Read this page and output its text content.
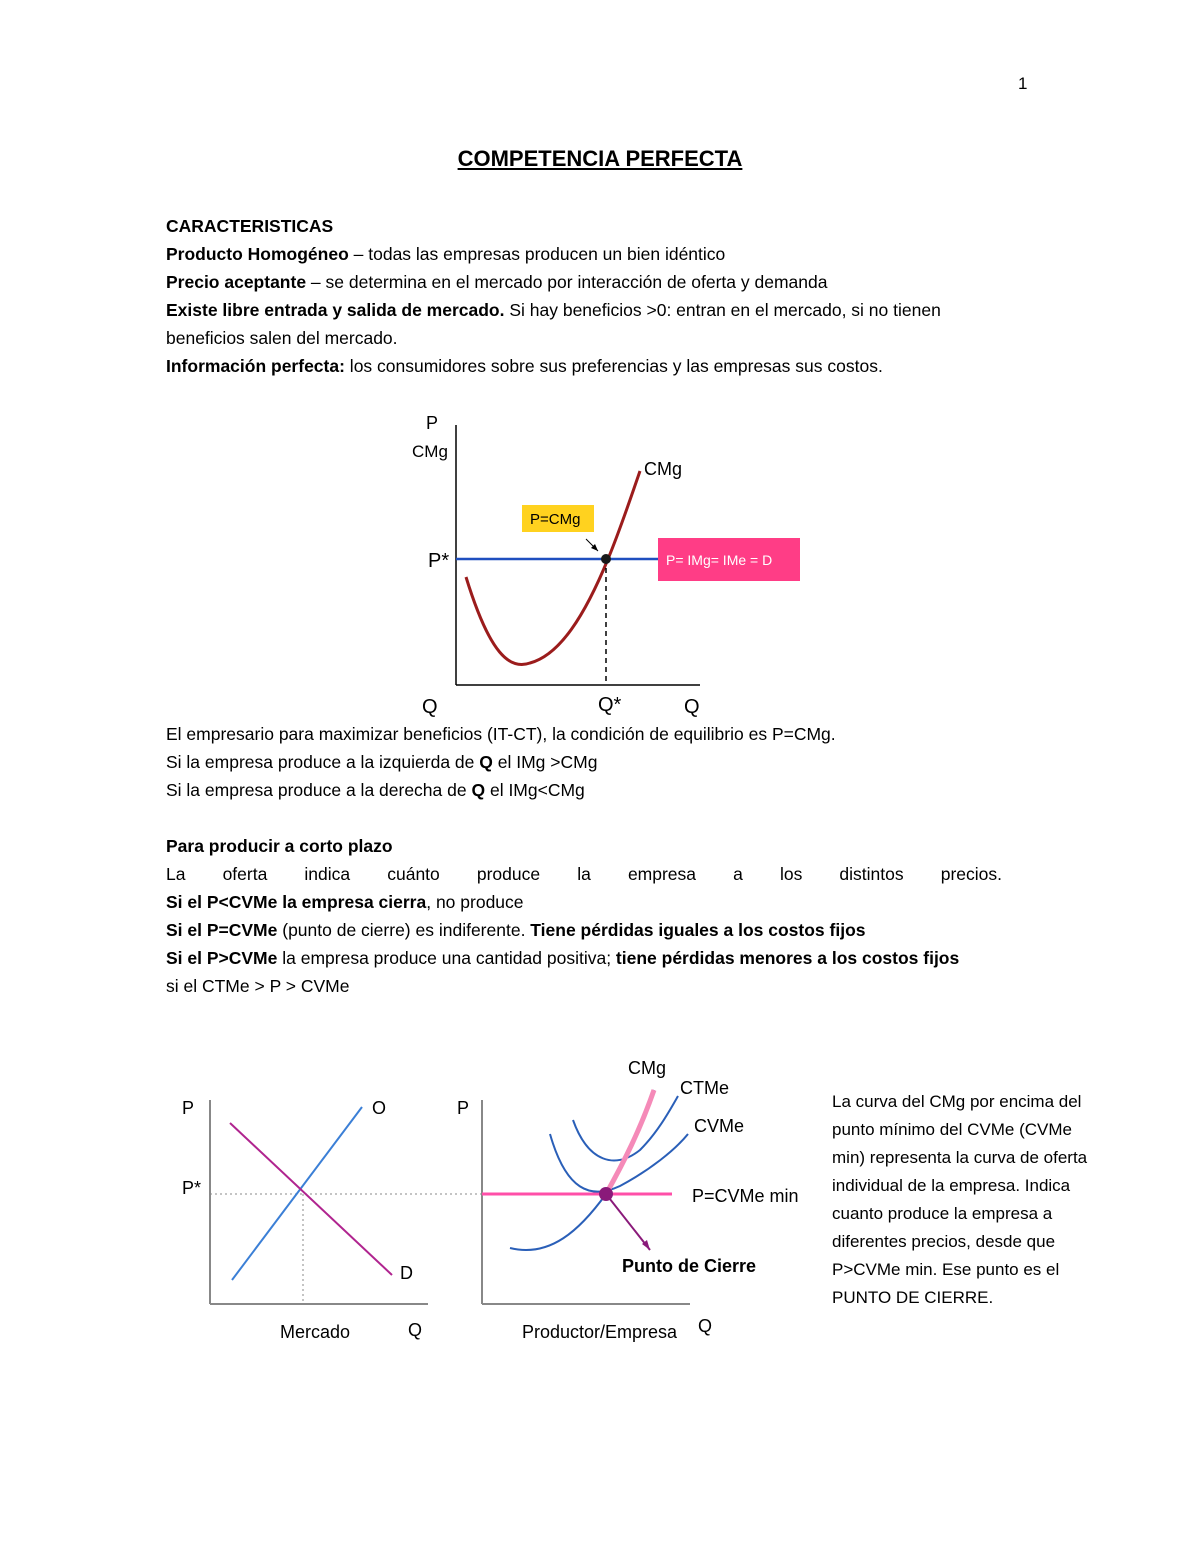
1
COMPETENCIA PERFECTA
CARACTERISTICAS
Producto Homogéneo – todas las empresas producen un bien idéntico
Precio aceptante – se determina en el mercado por interacción de oferta y demanda
Existe libre entrada y salida de mercado. Si hay beneficios >0: entran en el mercado, si no tienen
beneficios salen del mercado.
Información perfecta: los consumidores sobre sus preferencias y las empresas sus costos.
P
CMg
P*
CMg
P=CMg
P= IMg= IMe = D
Q	Q*	Q
El empresario para maximizar beneficios (IT-CT), la condición de equilibrio es P=CMg.
Si la empresa produce a la izquierda de Q el IMg >CMg
Si la empresa produce a la derecha de Q el IMg<CMg
Para producir a corto plazo
La oferta indica cuánto produce la empresa a los distintos precios.
Si el P<CVMe la empresa cierra, no produce
Si el P=CVMe (punto de cierre) es indiferente. Tiene pérdidas iguales a los costos fijos
Si el P>CVMe la empresa produce una cantidad positiva; tiene pérdidas menores a los costos fijos
si el CTMe > P > CVMe
P
P*
O
D
Mercado	Q
P
CMg
CTMe
CVMe
P=CVMe min
Punto de Cierre
Productor/Empresa Q
La curva del CMg por encima del
punto mínimo del CVMe (CVMe
min) representa la curva de oferta
individual de la empresa. Indica
cuanto produce la empresa a
diferentes precios, desde que
P>CVMe min. Ese punto es el
PUNTO DE CIERRE.
